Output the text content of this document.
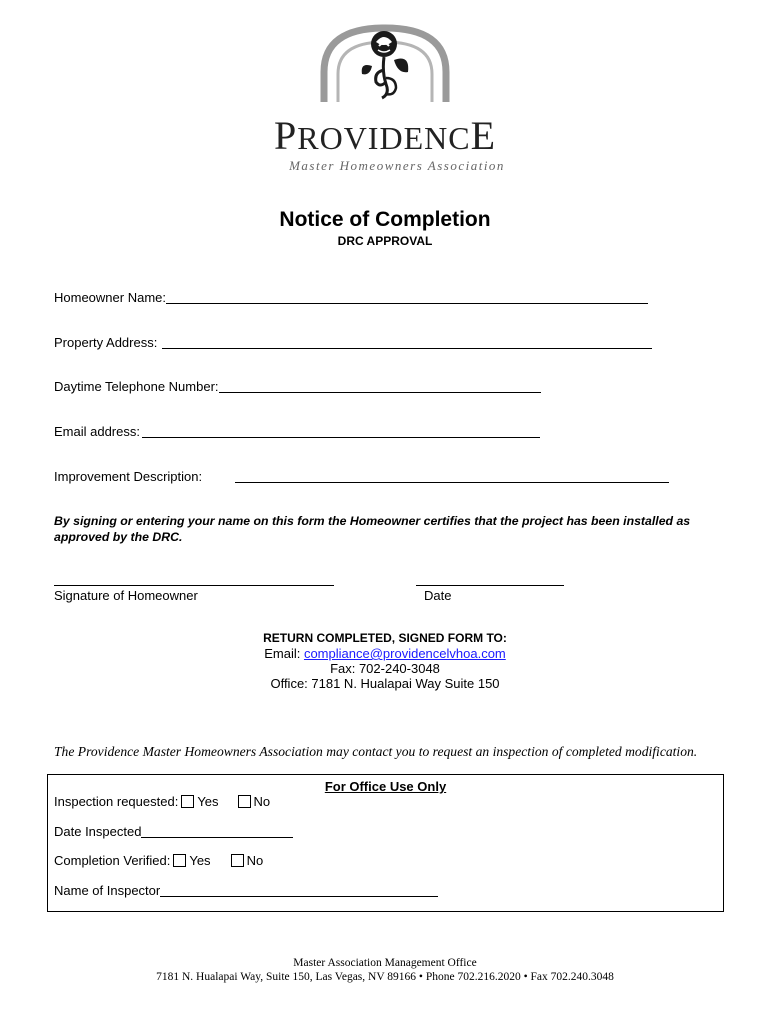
PROVIDENCE
Master Homeowners Association
Notice of Completion
DRC APPROVAL
Homeowner Name:
Property Address:
Daytime Telephone Number:
Email address:
Improvement Description:
By signing or entering your name on this form the Homeowner certifies that the project has been installed as approved by the DRC.
Signature of Homeowner	Date
RETURN COMPLETED, SIGNED FORM TO:
Email: compliance@providencelvhoa.com
Fax: 702-240-3048
Office: 7181 N. Hualapai Way Suite 150
The Providence Master Homeowners Association may contact you to request an inspection of completed modification.
For Office Use Only
Inspection requested: Yes	No
Date Inspected
Completion Verified: Yes	No
Name of Inspector
Master Association Management Office
7181 N. Hualapai Way, Suite 150, Las Vegas, NV 89166 • Phone 702.216.2020 • Fax 702.240.3048
